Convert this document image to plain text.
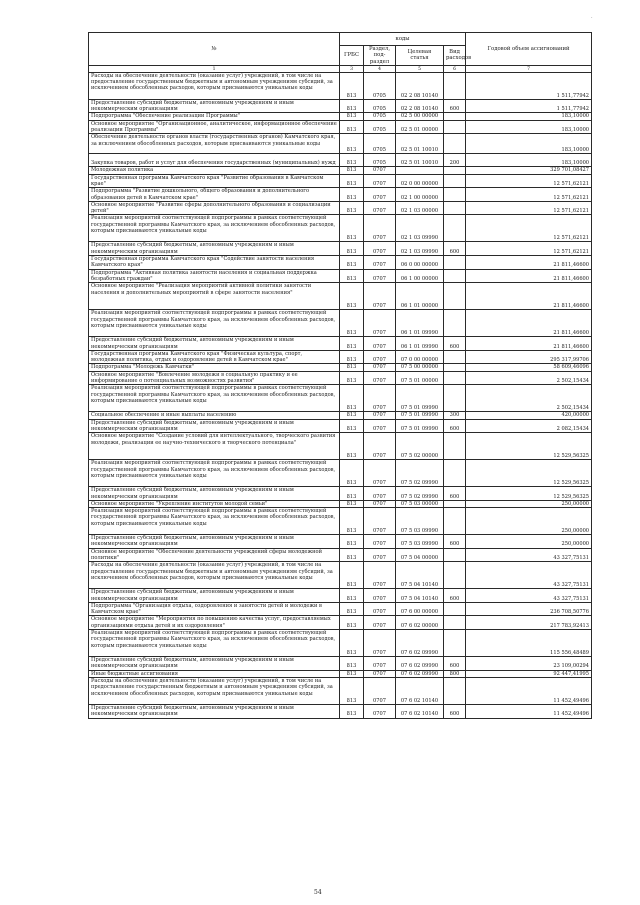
.
№	коды				Годовой объем ассигнований
	ГРБС	Раздел, под-раздел	Целевая статья	Вид расходов	
1	3	4	5	6	7
Расходы на обеспечение деятельности (оказание услуг) учреждений, в том числе на предоставление государственным бюджетным и автономным учреждениям субсидий, за исключением обособленных расходов, которым присваиваются уникальные коды	813	0705	02 2 08 10140		1 511,77942
Предоставление субсидий бюджетным, автономным учреждениям и иным некоммерческим организациям	813	0705	02 2 08 10140	600	1 511,77942
Подпрограмма "Обеспечение реализации Программы"	813	0705	02 5 00 00000		183,10000
Основное мероприятие "Организационное, аналитическое, информационное обеспечение реализации Программы"	813	0705	02 5 01 00000		183,10000
Обеспечение деятельности органов власти (государственных органов) Камчатского края, за исключением обособленных расходов, которым присваиваются уникальные коды	813	0705	02 5 01 10010		183,10000
Закупка товаров, работ и услуг для обеспечения государственных (муниципальных) нужд	813	0705	02 5 01 10010	200	183,10000
Молодежная политика	813	0707			329 701,08427
Государственная программа Камчатского края "Развитие образования в Камчатском крае"	813	0707	02 0 00 00000		12 571,62121
Подпрограмма "Развитие дошкольного, общего образования и дополнительного образования детей в Камчатском крае"	813	0707	02 1 00 00000		12 571,62121
Основное мероприятие "Развитие сферы дополнительного образования и социализации детей"	813	0707	02 1 03 00000		12 571,62121
Реализация мероприятий соответствующей подпрограммы в рамках соответствующей государственной программы Камчатского края, за исключением обособленных расходов, которым присваиваются уникальные коды	813	0707	02 1 03 09990		12 571,62121
Предоставление субсидий бюджетным, автономным учреждениям и иным некоммерческим организациям	813	0707	02 1 03 09990	600	12 571,62121
Государственная программа Камчатского края "Содействие занятости населения Камчатского края"	813	0707	06 0 00 00000		21 811,46600
Подпрограмма "Активная политика занятости населения и социальная поддержка безработных граждан"	813	0707	06 1 00 00000		21 811,46600
Основное мероприятие "Реализация мероприятий активной политики занятости населения и дополнительных мероприятий в сфере занятости населения"	813	0707	06 1 01 00000		21 811,46600
Реализация мероприятий соответствующей подпрограммы в рамках соответствующей государственной программы Камчатского края, за исключением обособленных расходов, которым присваиваются уникальные коды	813	0707	06 1 01 09990		21 811,46600
Предоставление субсидий бюджетным, автономным учреждениям и иным некоммерческим организациям	813	0707	06 1 01 09990	600	21 811,46600
Государственная программа Камчатского края "Физическая культура, спорт, молодежная политика, отдых и оздоровление детей в Камчатском крае"	813	0707	07 0 00 00000		295 317,99706
Подпрограмма "Молодежь Камчатки"	813	0707	07 5 00 00000		58 609,46096
Основное мероприятие "Вовлечение молодежи в социальную практику и ее информирование о потенциальных возможностях развития"	813	0707	07 5 01 00000		2 502,15434
Реализация мероприятий соответствующей подпрограммы в рамках соответствующей государственной программы Камчатского края, за исключением обособленных расходов, которым присваиваются уникальные коды	813	0707	07 5 01 09990		2 502,15434
Социальное обеспечение и иные выплаты населению	813	0707	07 5 01 09990	300	420,00000
Предоставление субсидий бюджетным, автономным учреждениям и иным некоммерческим организациям	813	0707	07 5 01 09990	600	2 082,15434
Основное мероприятие "Создание условий для интеллектуального, творческого развития молодежи, реализации ее научно-технического и творческого потенциала"	813	0707	07 5 02 00000		12 529,56325
Реализация мероприятий соответствующей подпрограммы в рамках соответствующей государственной программы Камчатского края, за исключением обособленных расходов, которым присваиваются уникальные коды	813	0707	07 5 02 09990		12 529,56325
Предоставление субсидий бюджетным, автономным учреждениям и иным некоммерческим организациям	813	0707	07 5 02 09990	600	12 529,56325
Основное мероприятие "Укрепление институтов молодой семьи"	813	0707	07 5 03 00000		250,00000
Реализация мероприятий соответствующей подпрограммы в рамках соответствующей государственной программы Камчатского края, за исключением обособленных расходов, которым присваиваются уникальные коды	813	0707	07 5 03 09990		250,00000
Предоставление субсидий бюджетным, автономным учреждениям и иным некоммерческим организациям	813	0707	07 5 03 09990	600	250,00000
Основное мероприятие "Обеспечение деятельности учреждений сферы молодежной политики"	813	0707	07 5 04 00000		43 327,75131
Расходы на обеспечение деятельности (оказание услуг) учреждений, в том числе на предоставление государственным бюджетным и автономным учреждениям субсидий, за исключением обособленных расходов, которым присваиваются уникальные коды	813	0707	07 5 04 10140		43 327,75131
Предоставление субсидий бюджетным, автономным учреждениям и иным некоммерческим организациям	813	0707	07 5 04 10140	600	43 327,75131
Подпрограмма "Организация отдыха, оздоровления и занятости детей и молодежи в Камчатском крае"	813	0707	07 6 00 00000		236 708,50776
Основное мероприятие "Мероприятия по повышению качества услуг, предоставляемых организациями отдыха детей и их оздоровления"	813	0707	07 6 02 00000		217 783,92413
Реализация мероприятий соответствующей подпрограммы в рамках соответствующей государственной программы Камчатского края, за исключением обособленных расходов, которым присваиваются уникальные коды	813	0707	07 6 02 09990		115 556,48489
Предоставление субсидий бюджетным, автономным учреждениям и иным некоммерческим организациям	813	0707	07 6 02 09990	600	23 109,00294
Иные бюджетные ассигнования	813	0707	07 6 02 09990	800	92 447,41995
Расходы на обеспечение деятельности (оказание услуг) учреждений, в том числе на предоставление государственным бюджетным и автономным учреждениям субсидий, за исключением обособленных расходов, которым присваиваются уникальные коды	813	0707	07 6 02 10140		11 452,49496
Предоставление субсидий бюджетным, автономным учреждениям и иным некоммерческим организациям	813	0707	07 6 02 10140	600	11 452,49496
54
